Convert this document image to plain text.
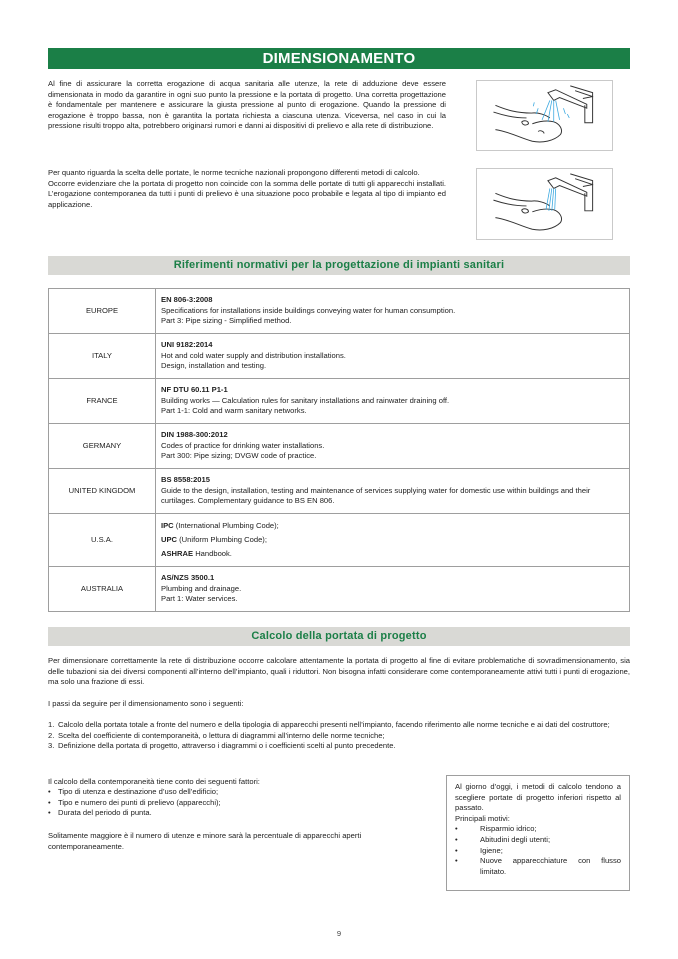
DIMENSIONAMENTO

Al fine di assicurare la corretta erogazione di acqua sanitaria alle utenze, la rete di adduzione deve essere dimensionata in modo da garantire in ogni suo punto la pressione e la portata di progetto. Una corretta progettazione è fondamentale per mantenere e assicurare la giusta pressione al punto di erogazione. Quando la pressione di erogazione è troppo bassa, non è garantita la portata richiesta a ciascuna utenza. Viceversa, nel caso in cui la pressione risulti troppo alta, potrebbero originarsi rumori e danni ai dispositivi di prelievo e alla rete di distribuzione.

Per quanto riguarda la scelta delle portate, le norme tecniche nazionali propongono differenti metodi di calcolo.
Occorre evidenziare che la portata di progetto non coincide con la somma delle portate di tutti gli apparecchi installati. L’erogazione contemporanea da tutti i punti di prelievo è una situazione poco probabile e legata al tipo di impianto ed applicazione.
Riferimenti normativi per la progettazione di impianti sanitari
EUROPE	EN 806-3:2008
Specifications for installations inside buildings conveying water for human consumption.
Part 3: Pipe sizing - Simplified method.

ITALY	UNI 9182:2014
Hot and cold water supply and distribution installations.
Design, installation and testing.

FRANCE	NF DTU 60.11 P1-1
Building works — Calculation rules for sanitary installations and rainwater draining off.
Part 1-1: Cold and warm sanitary networks.

GERMANY	DIN 1988-300:2012
Codes of practice for drinking water installations.
Part 300: Pipe sizing; DVGW code of practice.

UNITED KINGDOM	BS 8558:2015
Guide to the design, installation, testing and maintenance of services supplying water for domestic use within buildings and their curtilages. Complementary guidance to BS EN 806.

U.S.A.	IPC (International Plumbing Code);
UPC (Uniform Plumbing Code);
ASHRAE Handbook.

AUSTRALIA	AS/NZS 3500.1
Plumbing and drainage.
Part 1: Water services.
Calcolo della portata di progetto

Per dimensionare correttamente la rete di distribuzione occorre calcolare attentamente la portata di progetto al fine di evitare problematiche di sovradimensionamento, sia delle tubazioni sia dei diversi componenti all’interno dell’impianto, quali i riduttori. Non bisogna infatti considerare come contemporaneamente attivi tutti i punti di erogazione, ma solo una frazione di essi.

I passi da seguire per il dimensionamento sono i seguenti:

1. Calcolo della portata totale a fronte del numero e della tipologia di apparecchi presenti nell’impianto, facendo riferimento alle norme tecniche e ai dati del costruttore;
2. Scelta del coefficiente di contemporaneità, o lettura di diagrammi all’interno delle norme tecniche;
3. Definizione della portata di progetto, attraverso i diagrammi o i coefficienti scelti al punto precedente.

Il calcolo della contemporaneità tiene conto dei seguenti fattori:

• Tipo di utenza e destinazione d’uso dell’edificio;
• Tipo e numero dei punti di prelievo (apparecchi);
• Durata del periodo di punta.

Solitamente maggiore è il numero di utenze e minore sarà la percentuale di apparecchi aperti contemporaneamente.

Al giorno d’oggi, i metodi di calcolo tendono a scegliere portate di progetto inferiori rispetto al passato.
Principali motivi:
•	Risparmio idrico;
•	Abitudini degli utenti;
•	Igiene;
•	Nuove apparecchiature con flusso limitato.
9
